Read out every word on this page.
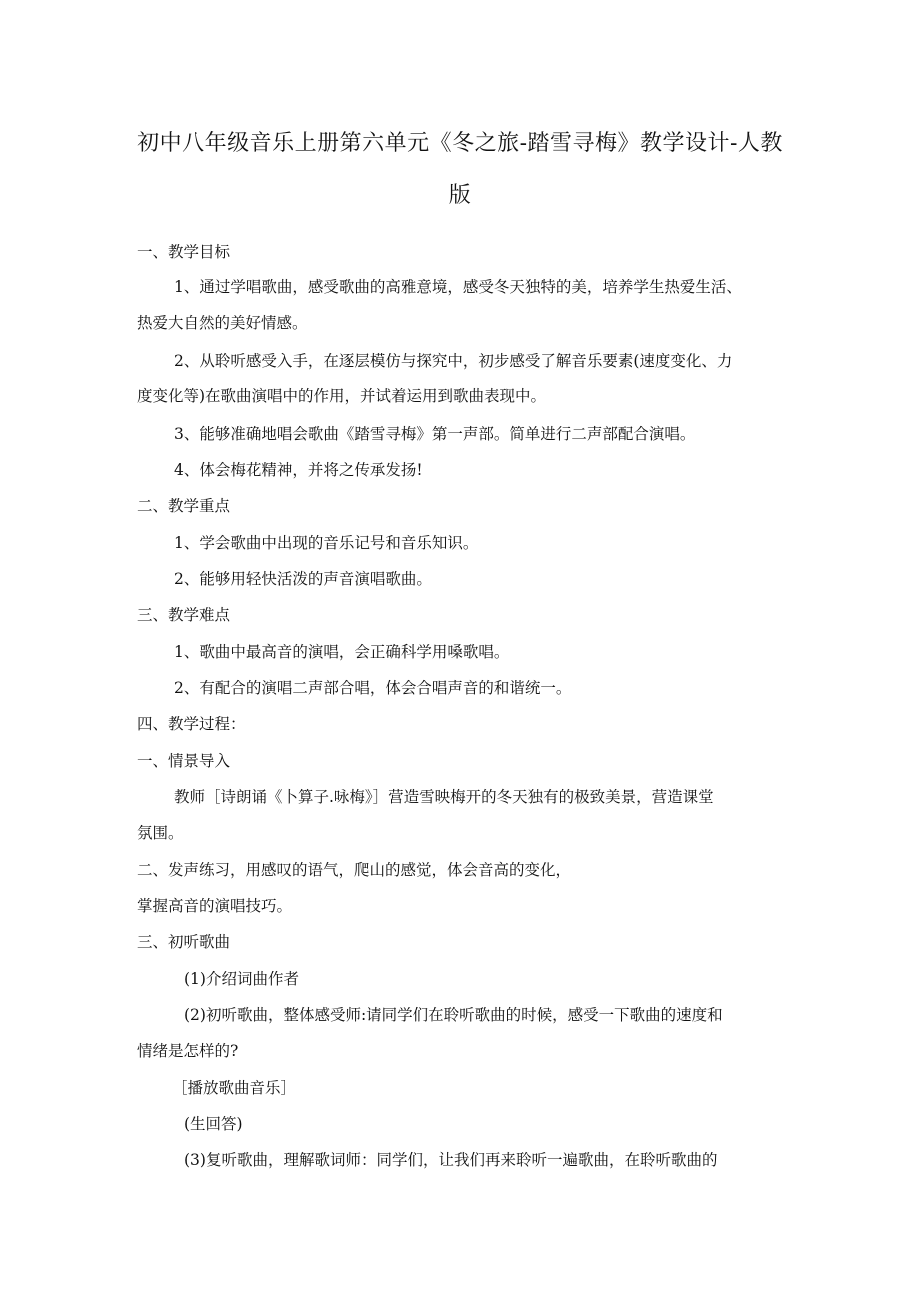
初中八年级音乐上册第六单元《冬之旅-踏雪寻梅》教学设计-人教
版
一、教学目标
1、通过学唱歌曲，感受歌曲的高雅意境，感受冬天独特的美，培养学生热爱生活、
热爱大自然的美好情感。
2、从聆听感受入手，在逐层模仿与探究中，初步感受了解音乐要素(速度变化、力
度变化等)在歌曲演唱中的作用，并试着运用到歌曲表现中。
3、能够准确地唱会歌曲《踏雪寻梅》第一声部。简单进行二声部配合演唱。
4、体会梅花精神，并将之传承发扬!
二、教学重点
1、学会歌曲中出现的音乐记号和音乐知识。
2、能够用轻快活泼的声音演唱歌曲。
三、教学难点
1、歌曲中最高音的演唱，会正确科学用嗓歌唱。
2、有配合的演唱二声部合唱，体会合唱声音的和谐统一。
四、教学过程：
一、情景导入
教师［诗朗诵《卜算子.咏梅》］营造雪映梅开的冬天独有的极致美景，营造课堂
氛围。
二、发声练习，用感叹的语气，爬山的感觉，体会音高的变化，
掌握高音的演唱技巧。
三、初听歌曲
(1)介绍词曲作者
(2)初听歌曲，整体感受师:请同学们在聆听歌曲的时候，感受一下歌曲的速度和
情绪是怎样的?
［播放歌曲音乐］
(生回答)
(3)复听歌曲，理解歌词师：同学们，让我们再来聆听一遍歌曲，在聆听歌曲的
